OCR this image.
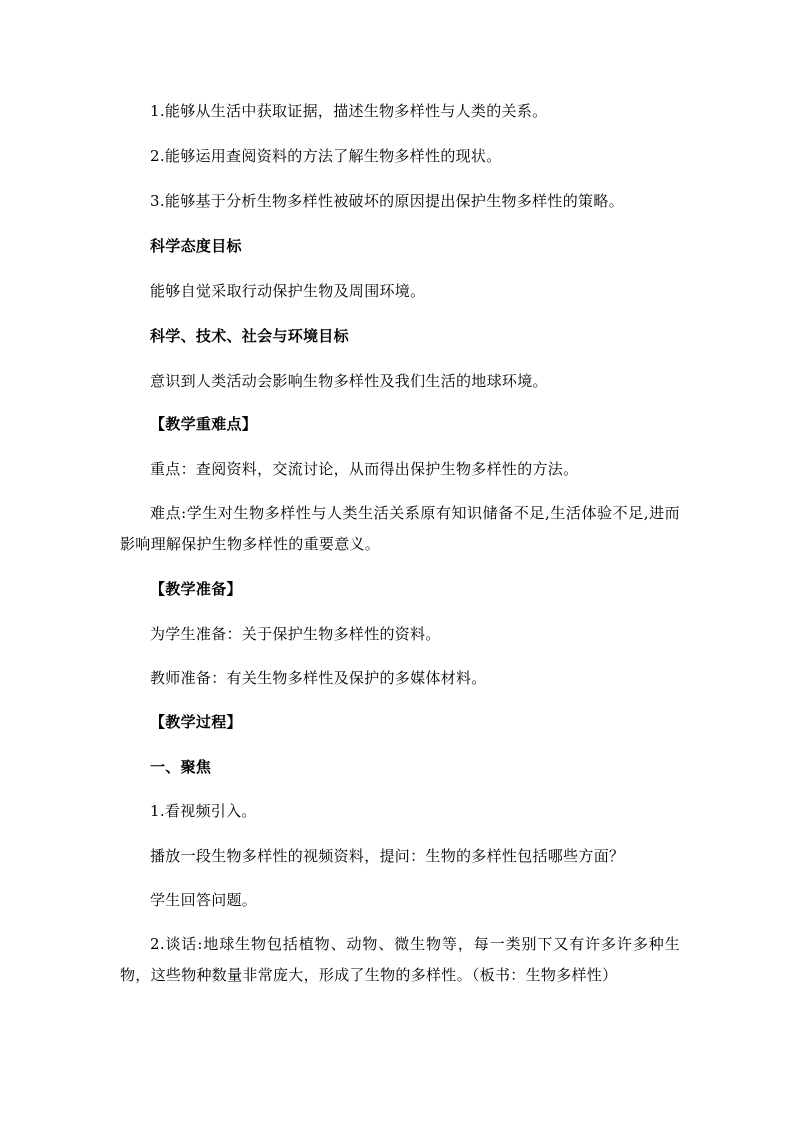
1.能够从生活中获取证据，描述生物多样性与人类的关系。
2.能够运用查阅资料的方法了解生物多样性的现状。
3.能够基于分析生物多样性被破坏的原因提出保护生物多样性的策略。
科学态度目标
能够自觉采取行动保护生物及周围环境。
科学、技术、社会与环境目标
意识到人类活动会影响生物多样性及我们生活的地球环境。
【教学重难点】
重点：查阅资料，交流讨论，从而得出保护生物多样性的方法。
难点:学生对生物多样性与人类生活关系原有知识储备不足,生活体验不足,进而影响理解保护生物多样性的重要意义。
【教学准备】
为学生准备：关于保护生物多样性的资料。
教师准备：有关生物多样性及保护的多媒体材料。
【教学过程】
一、聚焦
1.看视频引入。
播放一段生物多样性的视频资料，提问：生物的多样性包括哪些方面？
学生回答问题。
2.谈话:地球生物包括植物、动物、微生物等，每一类别下又有许多许多种生物，这些物种数量非常庞大，形成了生物的多样性。（板书：生物多样性）
